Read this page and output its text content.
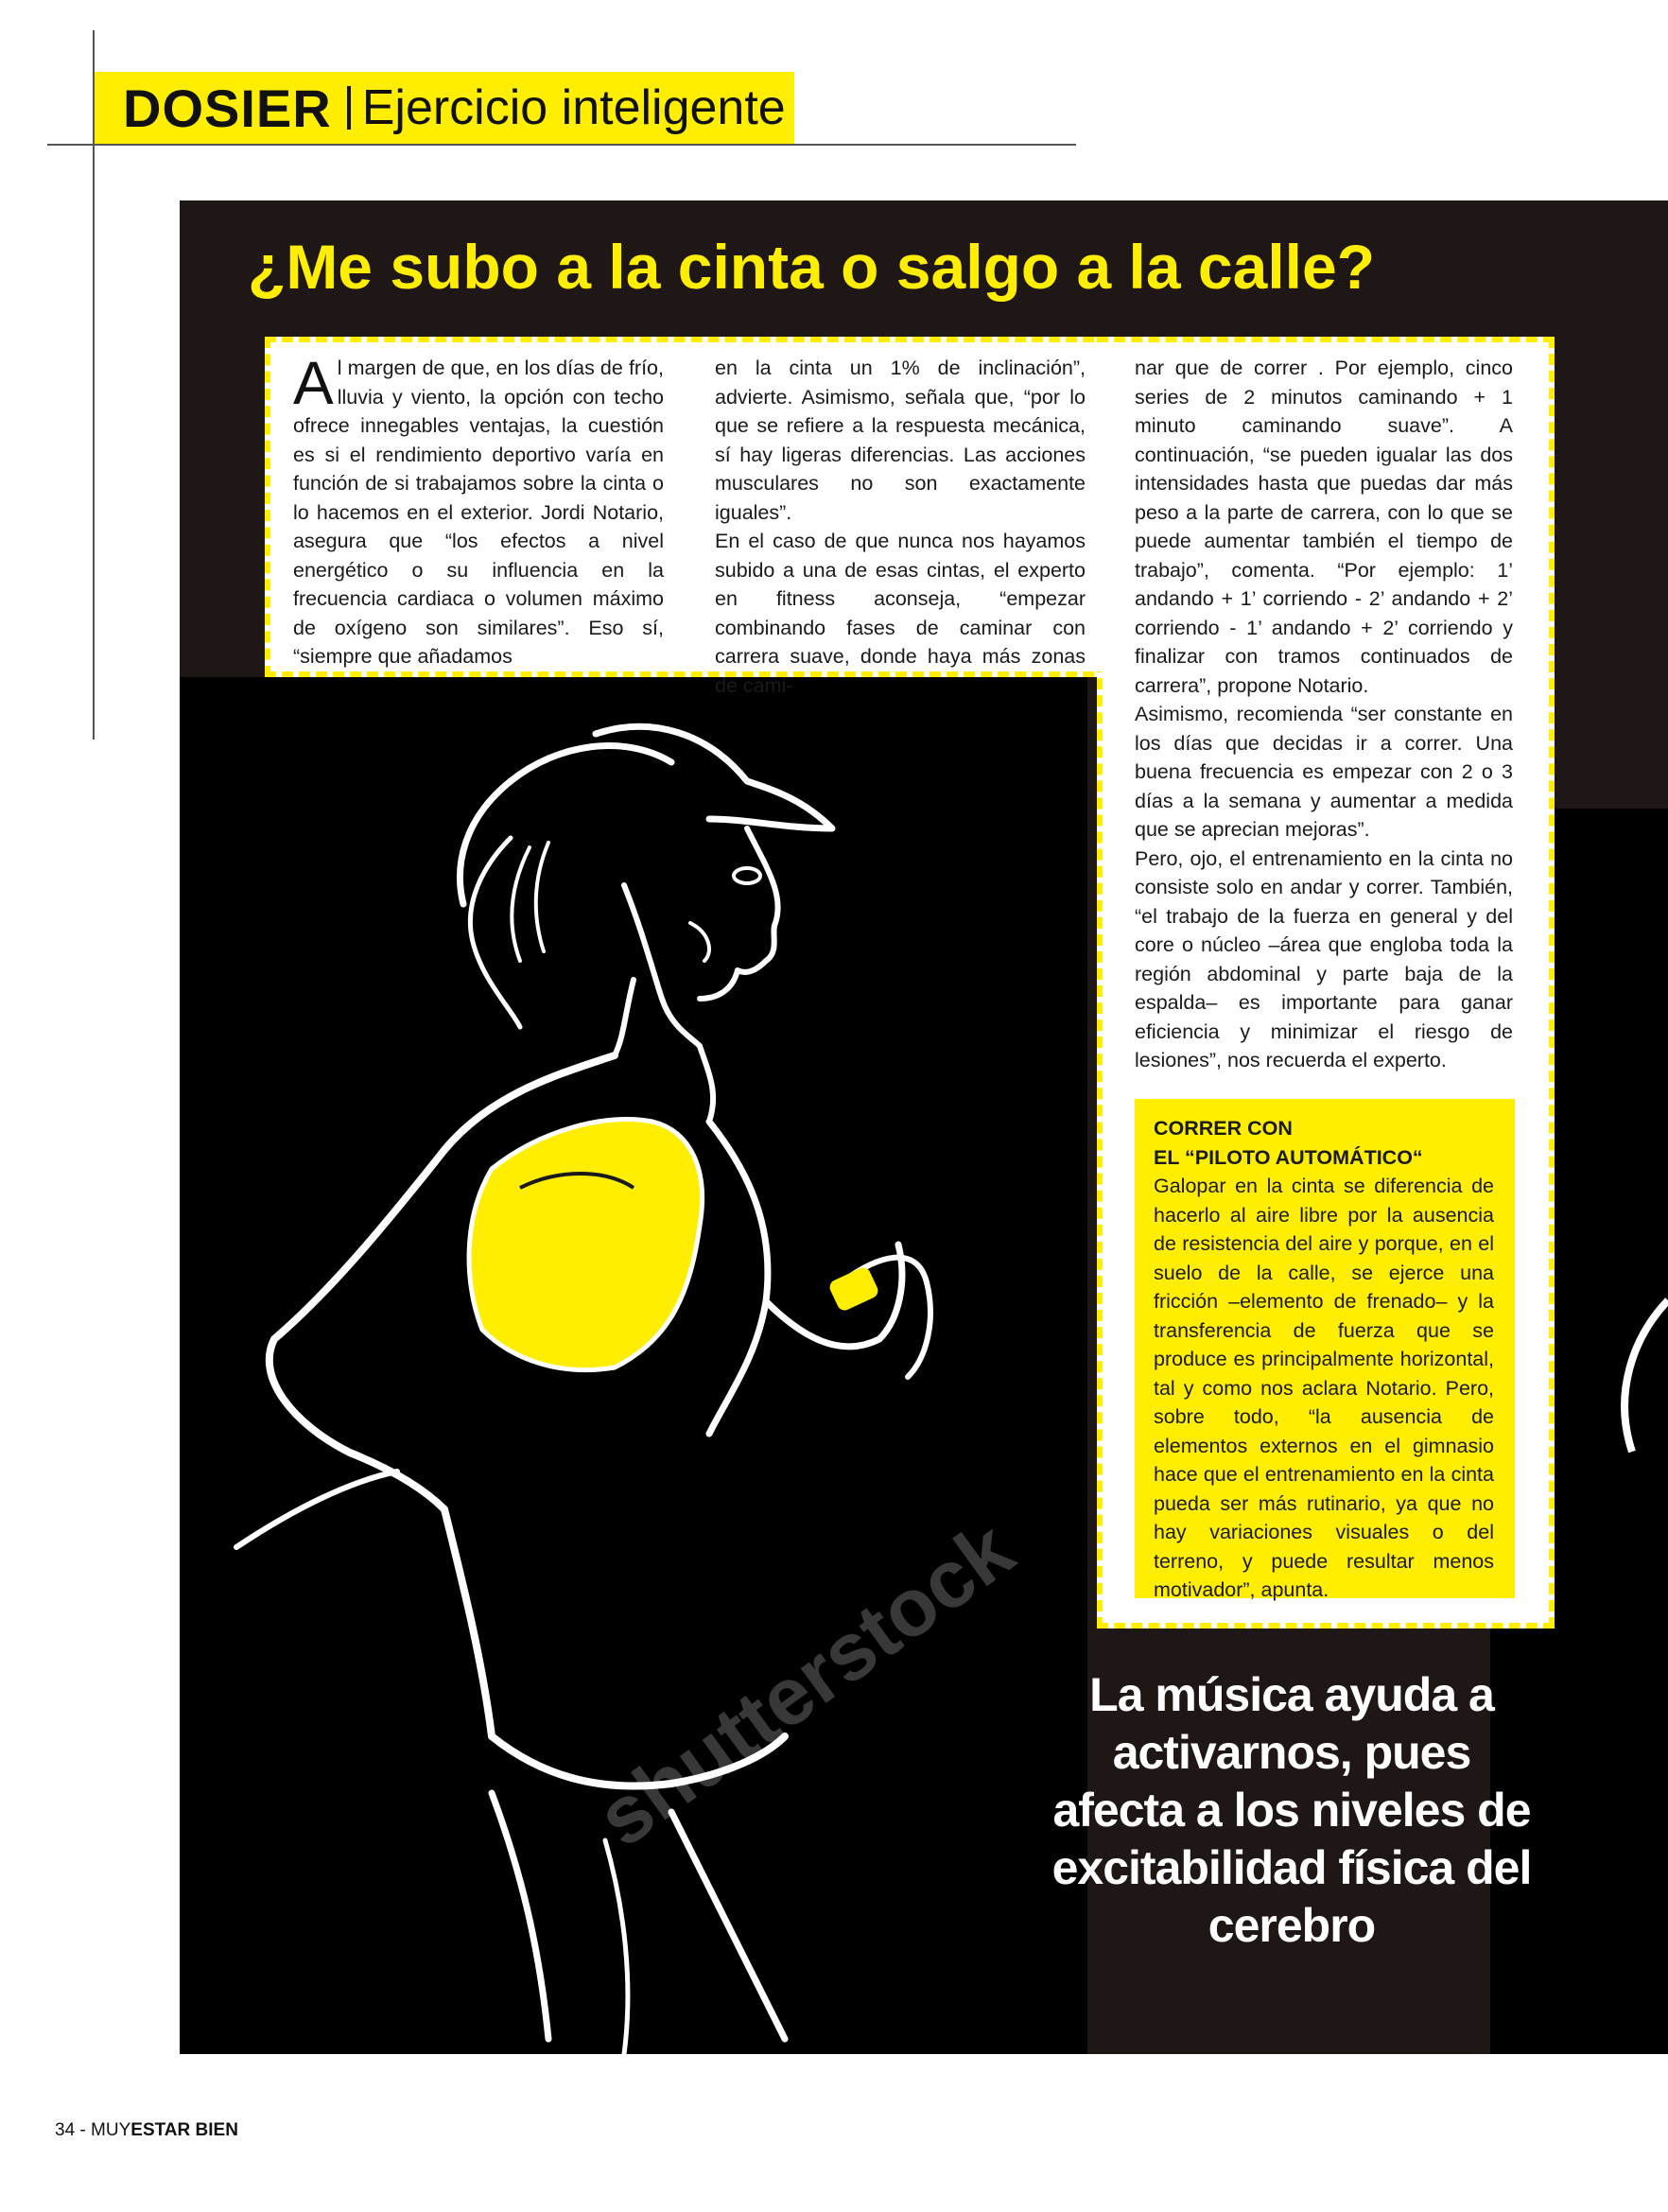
DOSIER Ejercicio inteligente
¿Me subo a la cinta o salgo a la calle?
shutterstock

Al margen de que, en los días de frío, lluvia y viento, la opción con techo ofrece innegables ventajas, la cuestión es si el rendimiento deportivo varía en función de si trabajamos sobre la cinta o lo hacemos en el exterior. Jordi Notario, asegura que “los efectos a nivel energético o su influencia en la frecuencia cardiaca o volumen máximo de oxígeno son similares”. Eso sí, “siempre que añadamos

en la cinta un 1% de inclinación”, advierte. Asimismo, señala que, “por lo que se refiere a la respuesta mecánica, sí hay ligeras diferencias. Las acciones musculares no son exactamente iguales”.

En el caso de que nunca nos hayamos subido a una de esas cintas, el experto en fitness aconseja, “empezar combinando fases de caminar con carrera suave, donde haya más zonas de cami-

nar que de correr . Por ejemplo, cinco series de 2 minutos caminando + 1 minuto caminando suave”. A continuación, “se pueden igualar las dos intensidades hasta que puedas dar más peso a la parte de carrera, con lo que se puede aumentar también el tiempo de trabajo”, comenta. “Por ejemplo: 1’ andando + 1’ corriendo - 2’ andando + 2’ corriendo - 1’ andando + 2’ corriendo y finalizar con tramos continuados de carrera”, propone Notario.

Asimismo, recomienda “ser constante en los días que decidas ir a correr. Una buena frecuencia es empezar con 2 o 3 días a la semana y aumentar a medida que se aprecian mejoras”.

Pero, ojo, el entrenamiento en la cinta no consiste solo en andar y correr. También, “el trabajo de la fuerza en general y del core o núcleo –área que engloba toda la región abdominal y parte baja de la espalda– es importante para ganar eficiencia y minimizar el riesgo de lesiones”, nos recuerda el experto.

CORRER CON
EL “PILOTO AUTOMÁTICO“

Galopar en la cinta se diferencia de hacerlo al aire libre por la ausencia de resistencia del aire y porque, en el suelo de la calle, se ejerce una fricción –elemento de frenado– y la transferencia de fuerza que se produce es principalmente horizontal, tal y como nos aclara Notario. Pero, sobre todo, “la ausencia de elementos externos en el gimnasio hace que el entrenamiento en la cinta pueda ser más rutinario, ya que no hay variaciones visuales o del terreno, y puede resultar menos motivador”, apunta.

La música ayuda a activarnos, pues afecta a los niveles de excitabilidad física del cerebro

34 - MUYESTAR BIEN
